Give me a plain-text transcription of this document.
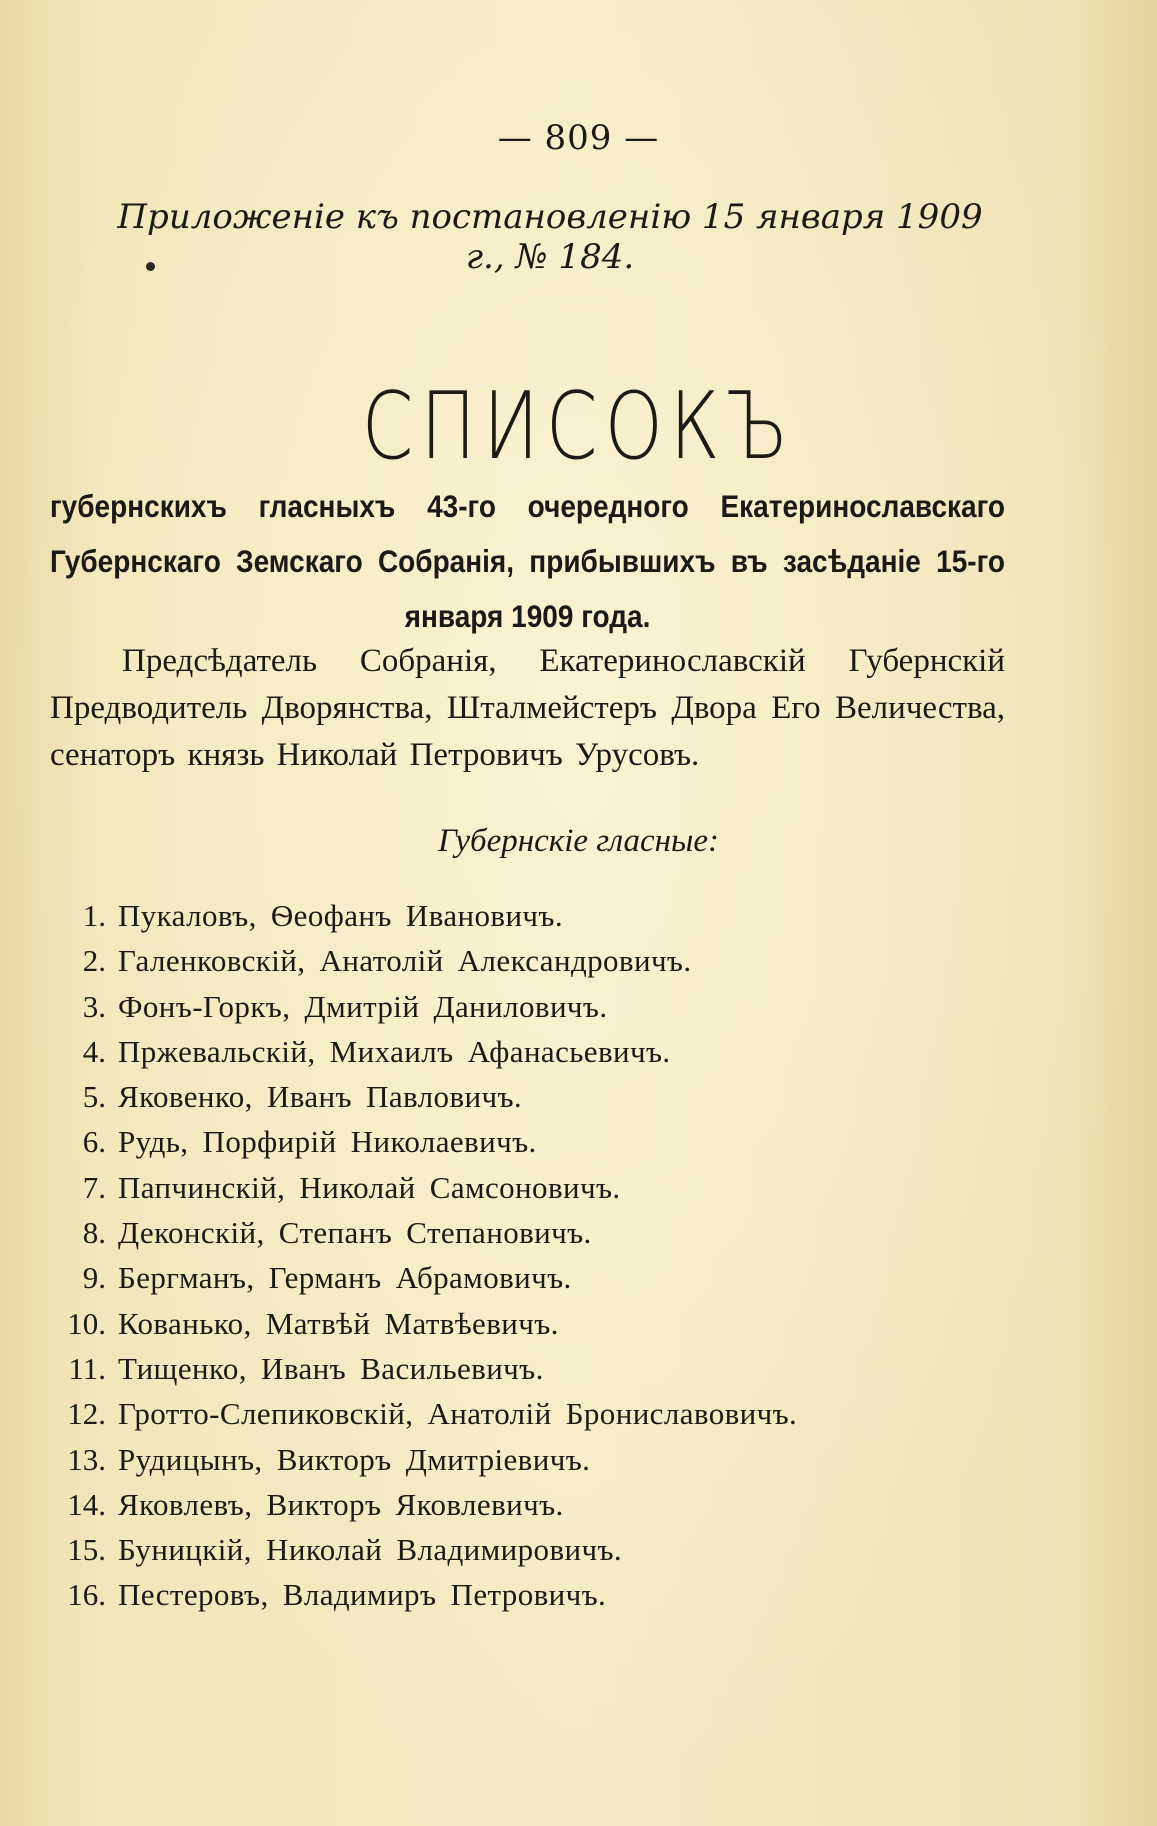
— 809 —
Приложеніе къ постановленію 15 января 1909 г., № 184.
СПИСОКЪ
губернскихъ гласныхъ 43-го очередного Екатеринославскаго Губернскаго Земскаго Собранія, прибывшихъ въ засѣданіе 15-го января 1909 года.
Предсѣдатель Собранія, Екатеринославскій Губернскій Предводитель Дворянства, Шталмейстеръ Двора Его Величества, сенаторъ князь Николай Петровичъ Урусовъ.
Губернскіе гласные:
1. Пукаловъ, Ѳеофанъ Ивановичъ.
2. Галенковскій, Анатолій Александровичъ.
3. Фонъ-Горкъ, Дмитрій Даниловичъ.
4. Пржевальскій, Михаилъ Афанасьевичъ.
5. Яковенко, Иванъ Павловичъ.
6. Рудь, Порфирій Николаевичъ.
7. Папчинскій, Николай Самсоновичъ.
8. Деконскій, Степанъ Степановичъ.
9. Бергманъ, Германъ Абрамовичъ.
10. Кованько, Матвѣй Матвѣевичъ.
11. Тищенко, Иванъ Васильевичъ.
12. Гротто-Слепиковскій, Анатолій Брониславовичъ.
13. Рудицынъ, Викторъ Дмитріевичъ.
14. Яковлевъ, Викторъ Яковлевичъ.
15. Буницкій, Николай Владимировичъ.
16. Пестеровъ, Владимиръ Петровичъ.
